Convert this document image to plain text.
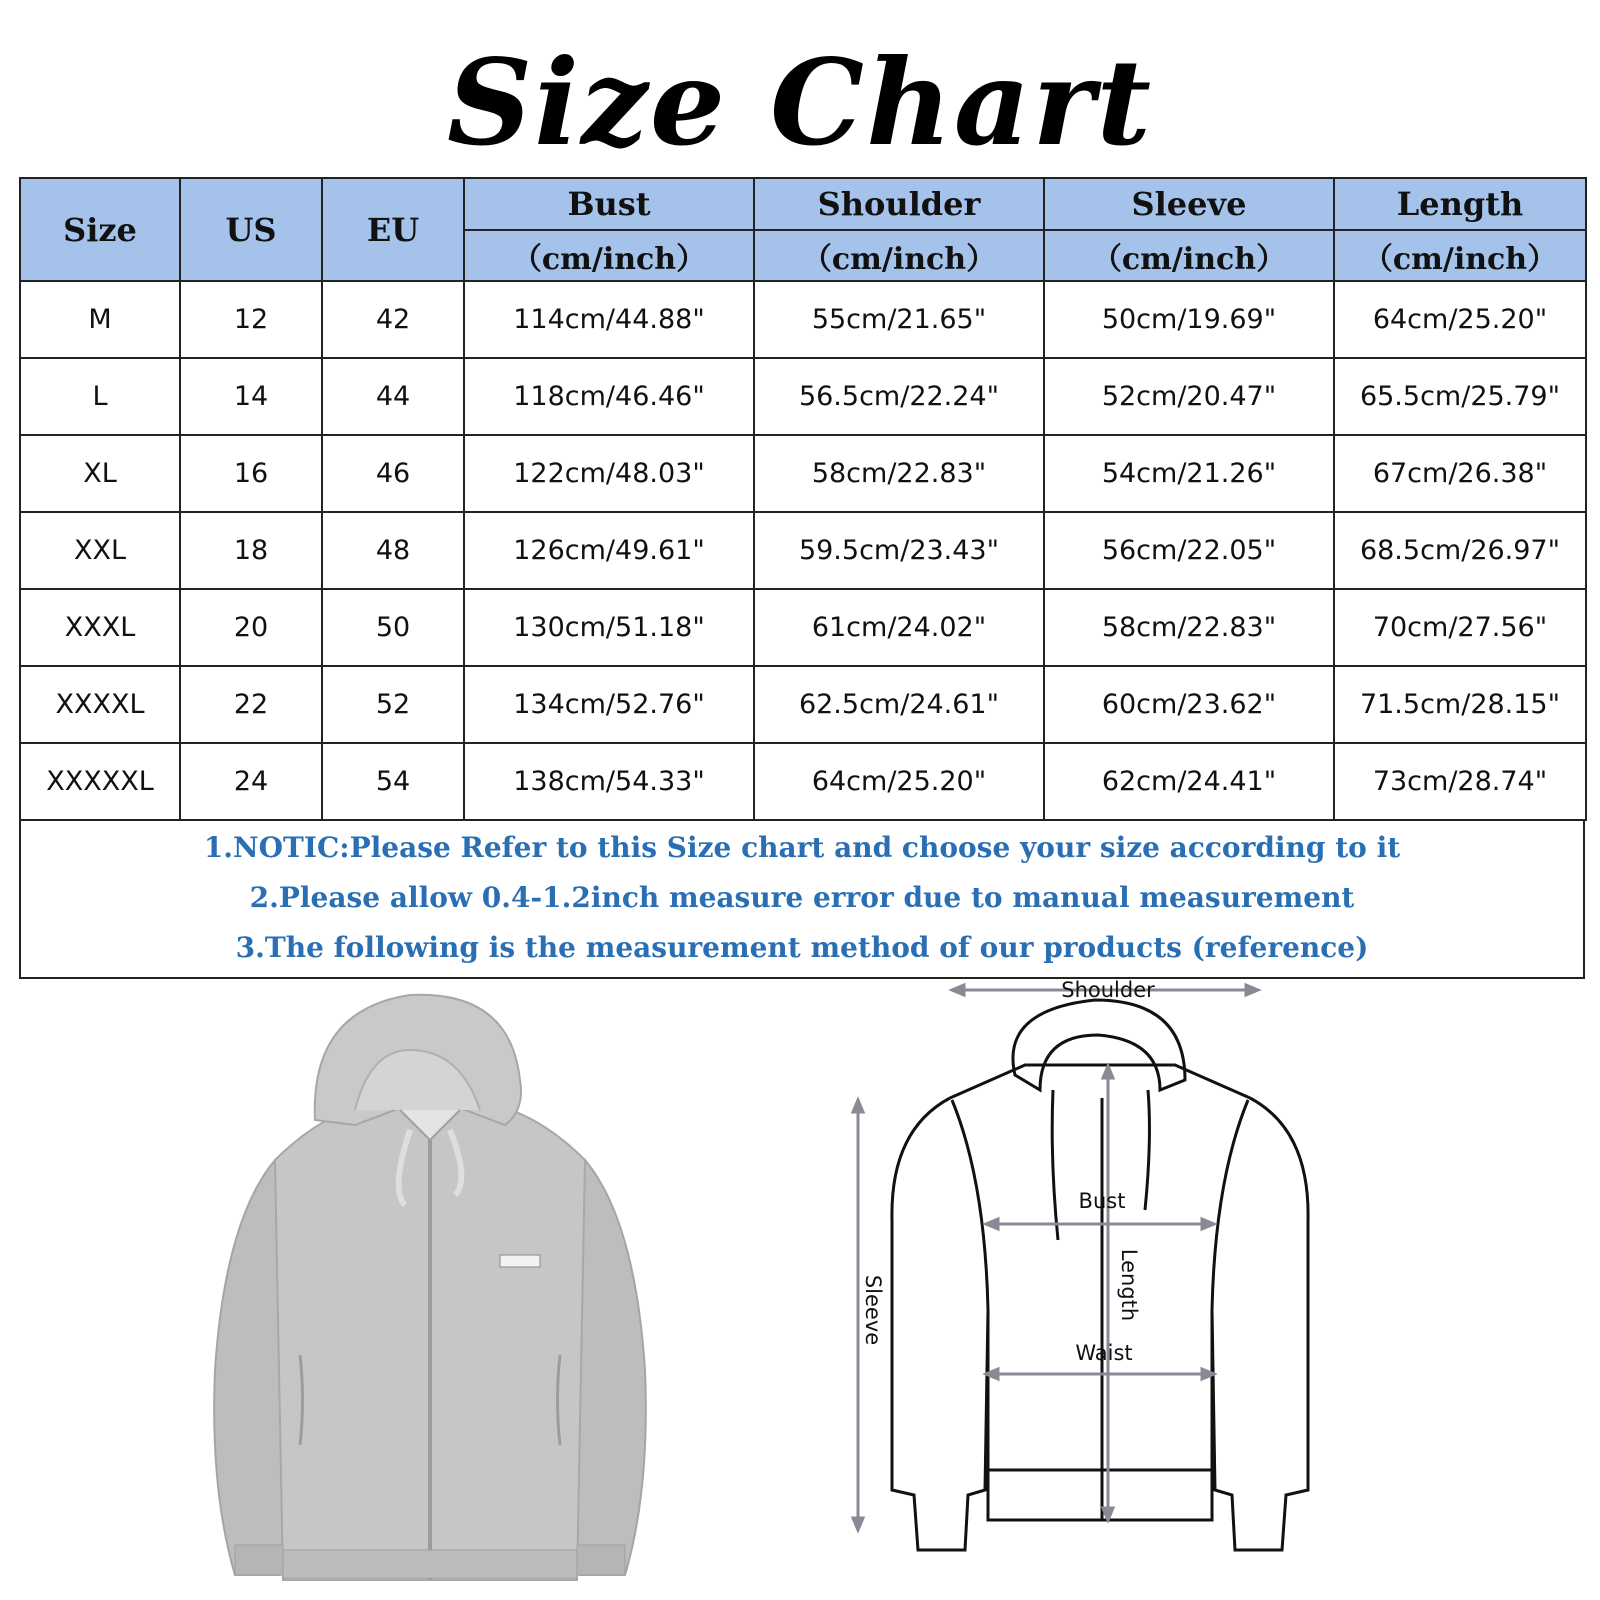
Size Chart
Size	US	EU	Bust	Shoulder	Sleeve	Length
			（cm/inch）	（cm/inch）	（cm/inch）	（cm/inch）
M	12	42	114cm/44.88"	55cm/21.65"	50cm/19.69"	64cm/25.20"
L	14	44	118cm/46.46"	56.5cm/22.24"	52cm/20.47"	65.5cm/25.79"
XL	16	46	122cm/48.03"	58cm/22.83"	54cm/21.26"	67cm/26.38"
XXL	18	48	126cm/49.61"	59.5cm/23.43"	56cm/22.05"	68.5cm/26.97"
XXXL	20	50	130cm/51.18"	61cm/24.02"	58cm/22.83"	70cm/27.56"
XXXXL	22	52	134cm/52.76"	62.5cm/24.61"	60cm/23.62"	71.5cm/28.15"
XXXXXL	24	54	138cm/54.33"	64cm/25.20"	62cm/24.41"	73cm/28.74"
1.NOTIC:Please Refer to this Size chart and choose your size according to it
2.Please allow 0.4-1.2inch measure error due to manual measurement
3.The following is the measurement method of our products (reference)
Shoulder
Bust
Waist
Length
Sleeve
